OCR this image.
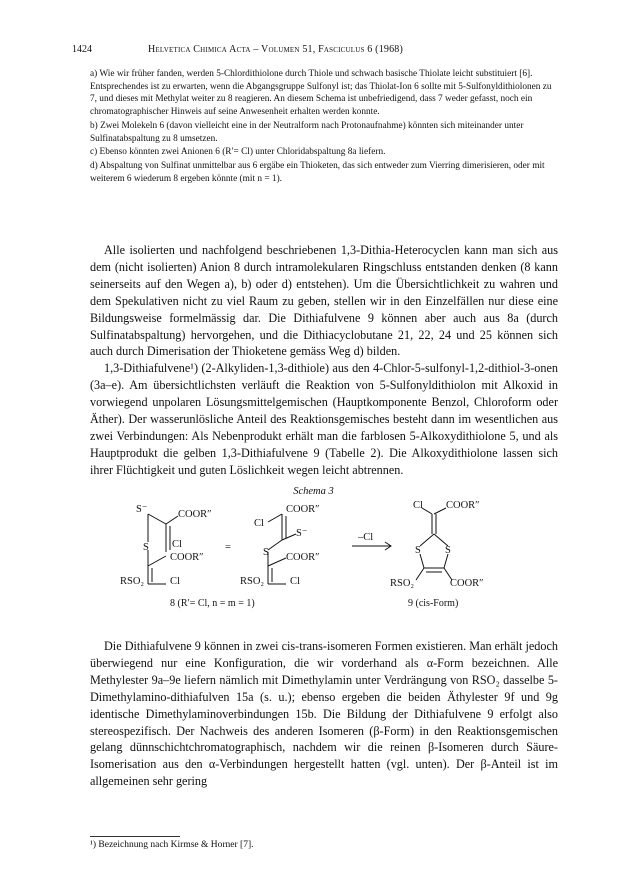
1424	Helvetica Chimica Acta – Volumen 51, Fasciculus 6 (1968)

a) Wie wir früher fanden, werden 5-Chlordithiolone durch Thiole und schwach basische Thiolate leicht substituiert [6]. Entsprechendes ist zu erwarten, wenn die Abgangsgruppe Sulfonyl ist; das Thiolat-Ion 6 sollte mit 5-Sulfonyldithiolonen zu 7, und dieses mit Methylat weiter zu 8 reagieren. An diesem Schema ist unbefriedigend, dass 7 weder gefasst, noch ein chromatographischer Hinweis auf seine Anwesenheit erhalten werden konnte.

b) Zwei Molekeln 6 (davon vielleicht eine in der Neutralform nach Protonaufnahme) könnten sich miteinander unter Sulfinatabspaltung zu 8 umsetzen.

c) Ebenso könnten zwei Anionen 6 (R′= Cl) unter Chloridabspaltung 8a liefern.

d) Abspaltung von Sulfinat unmittelbar aus 6 ergäbe ein Thioketen, das sich entweder zum Vierring dimerisieren, oder mit weiterem 6 wiederum 8 ergeben könnte (mit n = 1).

Alle isolierten und nachfolgend beschriebenen 1,3-Dithia-Heterocyclen kann man sich aus dem (nicht isolierten) Anion 8 durch intramolekularen Ringschluss entstanden denken (8 kann seinerseits auf den Wegen a), b) oder d) entstehen). Um die Übersichtlichkeit zu wahren und dem Spekulativen nicht zu viel Raum zu geben, stellen wir in den Einzelfällen nur diese eine Bildungsweise formelmässig dar. Die Dithiafulvene 9 können aber auch aus 8a (durch Sulfinatabspaltung) hervorgehen, und die Dithiacyclobutane 21, 22, 24 und 25 können sich auch durch Dimerisation der Thioketene gemäss Weg d) bilden.

1,3-Dithiafulvene¹) (2-Alkyliden-1,3-dithiole) aus den 4-Chlor-5-sulfonyl-1,2-dithiol-3-onen (3a–e). Am übersichtlichsten verläuft die Reaktion von 5-Sulfonyldithiolon mit Alkoxid in vorwiegend unpolaren Lösungsmittelgemischen (Hauptkomponente Benzol, Chloroform oder Äther). Der wasserunlösliche Anteil des Reaktionsgemisches besteht dann im wesentlichen aus zwei Verbindungen: Als Nebenprodukt erhält man die farblosen 5-Alkoxydithiolone 5, und als Hauptprodukt die gelben 1,3-Dithiafulvene 9 (Tabelle 2). Die Alkoxydithiolone lassen sich ihrer Flüchtigkeit und guten Löslichkeit wegen leicht abtrennen.

Schema 3
S⁻	COOR″
Cl
S
COOR″
RSO₂ Cl
=
COOR″
Cl
S⁻
S COOR″
RSO₂ Cl
–Cl
Cl COOR″
S S
RSO₂	COOR″
8 (R′= Cl, n = m = 1)	9 (cis-Form)

Die Dithiafulvene 9 können in zwei cis-trans-isomeren Formen existieren. Man erhält jedoch überwiegend nur eine Konfiguration, die wir vorderhand als α-Form bezeichnen. Alle Methylester 9a–9e liefern nämlich mit Dimethylamin unter Verdrängung von RSO₂ dasselbe 5-Dimethylamino-dithiafulven 15a (s. u.); ebenso ergeben die beiden Äthylester 9f und 9g identische Dimethylaminoverbindungen 15b. Die Bildung der Dithiafulvene 9 erfolgt also stereospezifisch. Der Nachweis des anderen Isomeren (β-Form) in den Reaktionsgemischen gelang dünnschichtchromatographisch, nachdem wir die reinen β-Isomeren durch Säure-Isomerisation aus den α-Verbindungen hergestellt hatten (vgl. unten). Der β-Anteil ist im allgemeinen sehr gering

¹) Bezeichnung nach Kirmse & Horner [7].
